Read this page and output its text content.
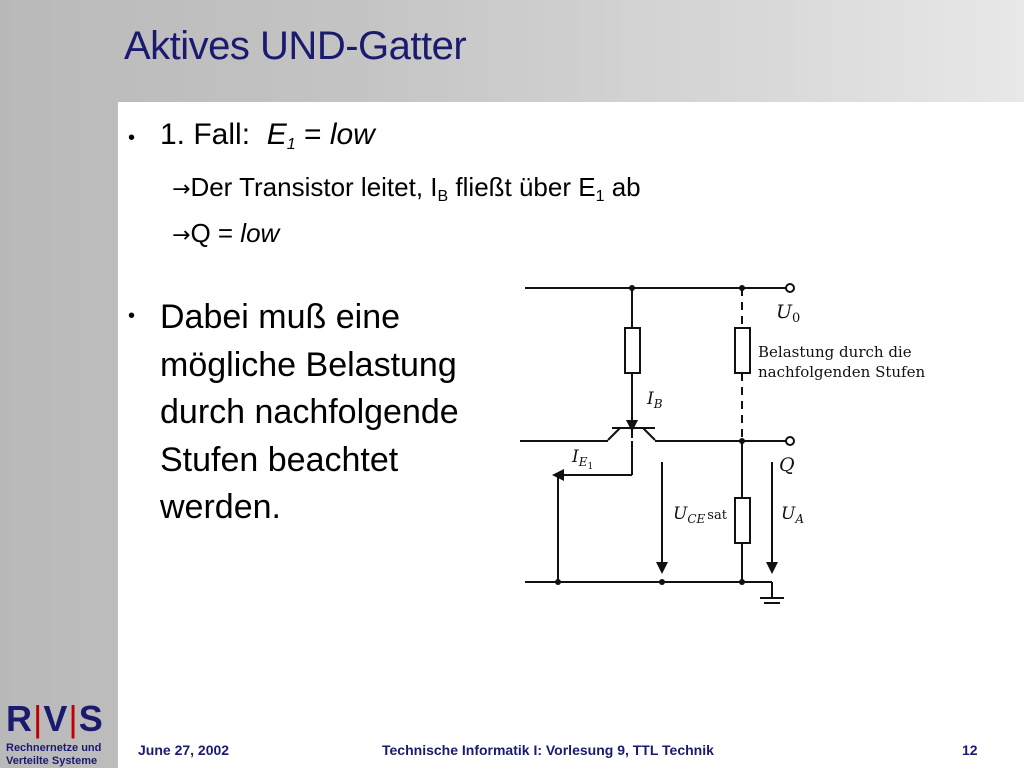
Aktives UND-Gatter
• 1. Fall: E1 = low
→Der Transistor leitet, IB fließt über E1 ab
→Q = low
• Dabei muß eine mögliche Belastung durch nachfolgende Stufen beachtet werden.
$U_0$
Belastung durch die
nachfolgenden Stufen
$I_B$
$I_E1$	Q
$U_{CE}$ $^{sat}$	$U_A$
R|V|S
Rechnernetze und
Verteilte Systeme
June 27, 2002	Technische Informatik I: Vorlesung 9, TTL Technik	12
